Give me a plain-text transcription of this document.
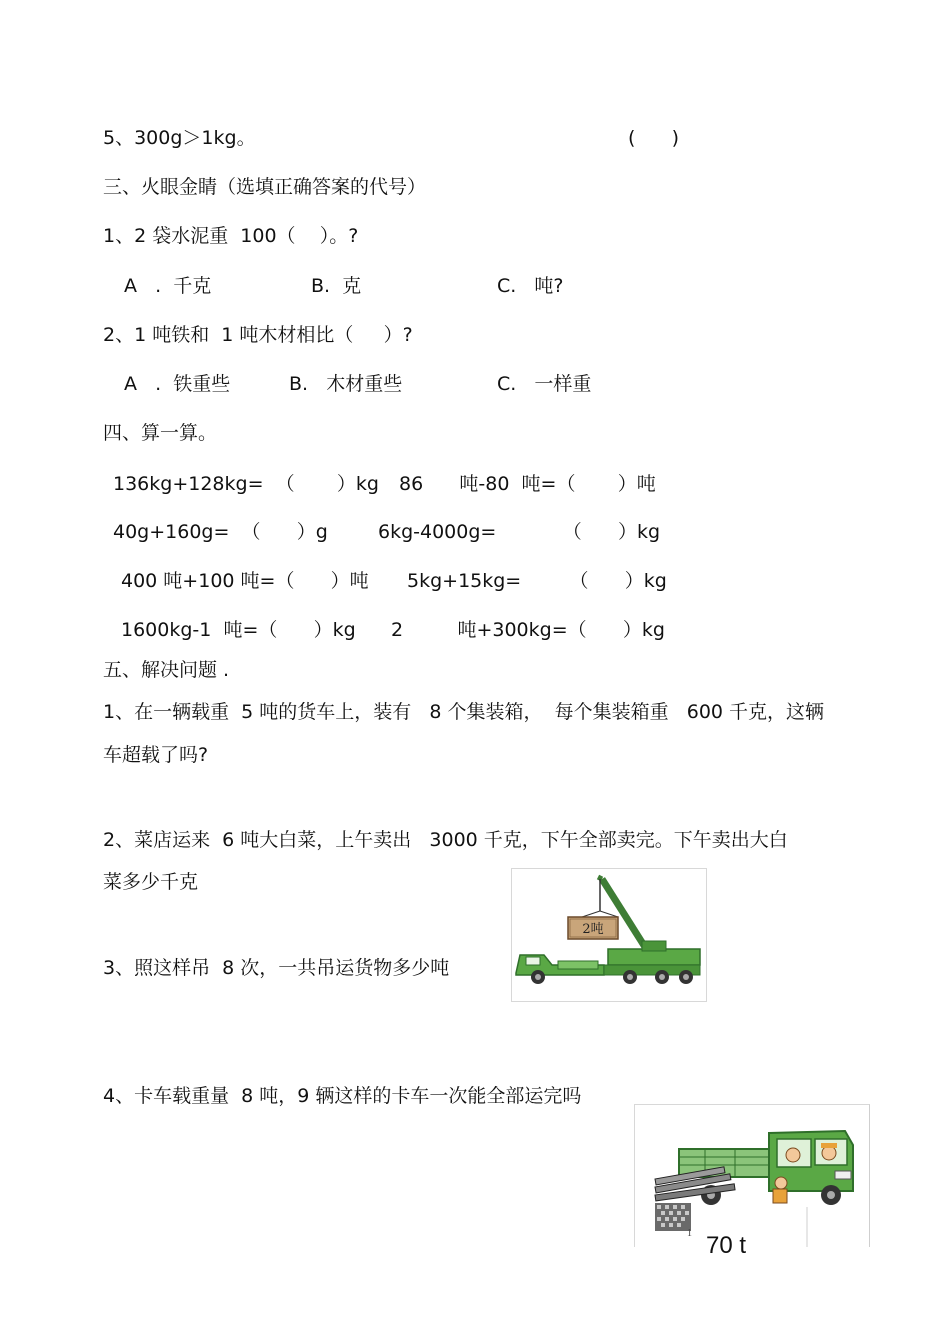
5、300g＞1kg。	(      )
三、火眼金睛（选填正确答案的代号）
1、2 袋水泥重  100（    ）。?
A   .  千克	B.  克	C.   吨?
2、1 吨铁和  1 吨木材相比（     ）?
A   .  铁重些	B.   木材重些	C.   一样重
四、算一算。
136kg+128kg=  （       ）kg 86      吨-80  吨=（       ）吨
40g+160g=  （      ）g	6kg-4000g=           （      ）kg
400 吨+100 吨=（      ）吨 5kg+15kg=        （      ）kg
1600kg-1  吨=（      ）kg 2         吨+300kg=（      ）kg
五、解决问题 .
1、在一辆载重  5 吨的货车上，装有   8 个集装箱，  每个集装箱重   600 千克，这辆
车超载了吗?
2、菜店运来  6 吨大白菜，上午卖出   3000 千克，下午全部卖完。下午卖出大白
菜多少千克
3、照这样吊  8 次，一共吊运货物多少吨
2吨
4、卡车载重量  8 吨，9 辆这样的卡车一次能全部运完吗
1 70 t
